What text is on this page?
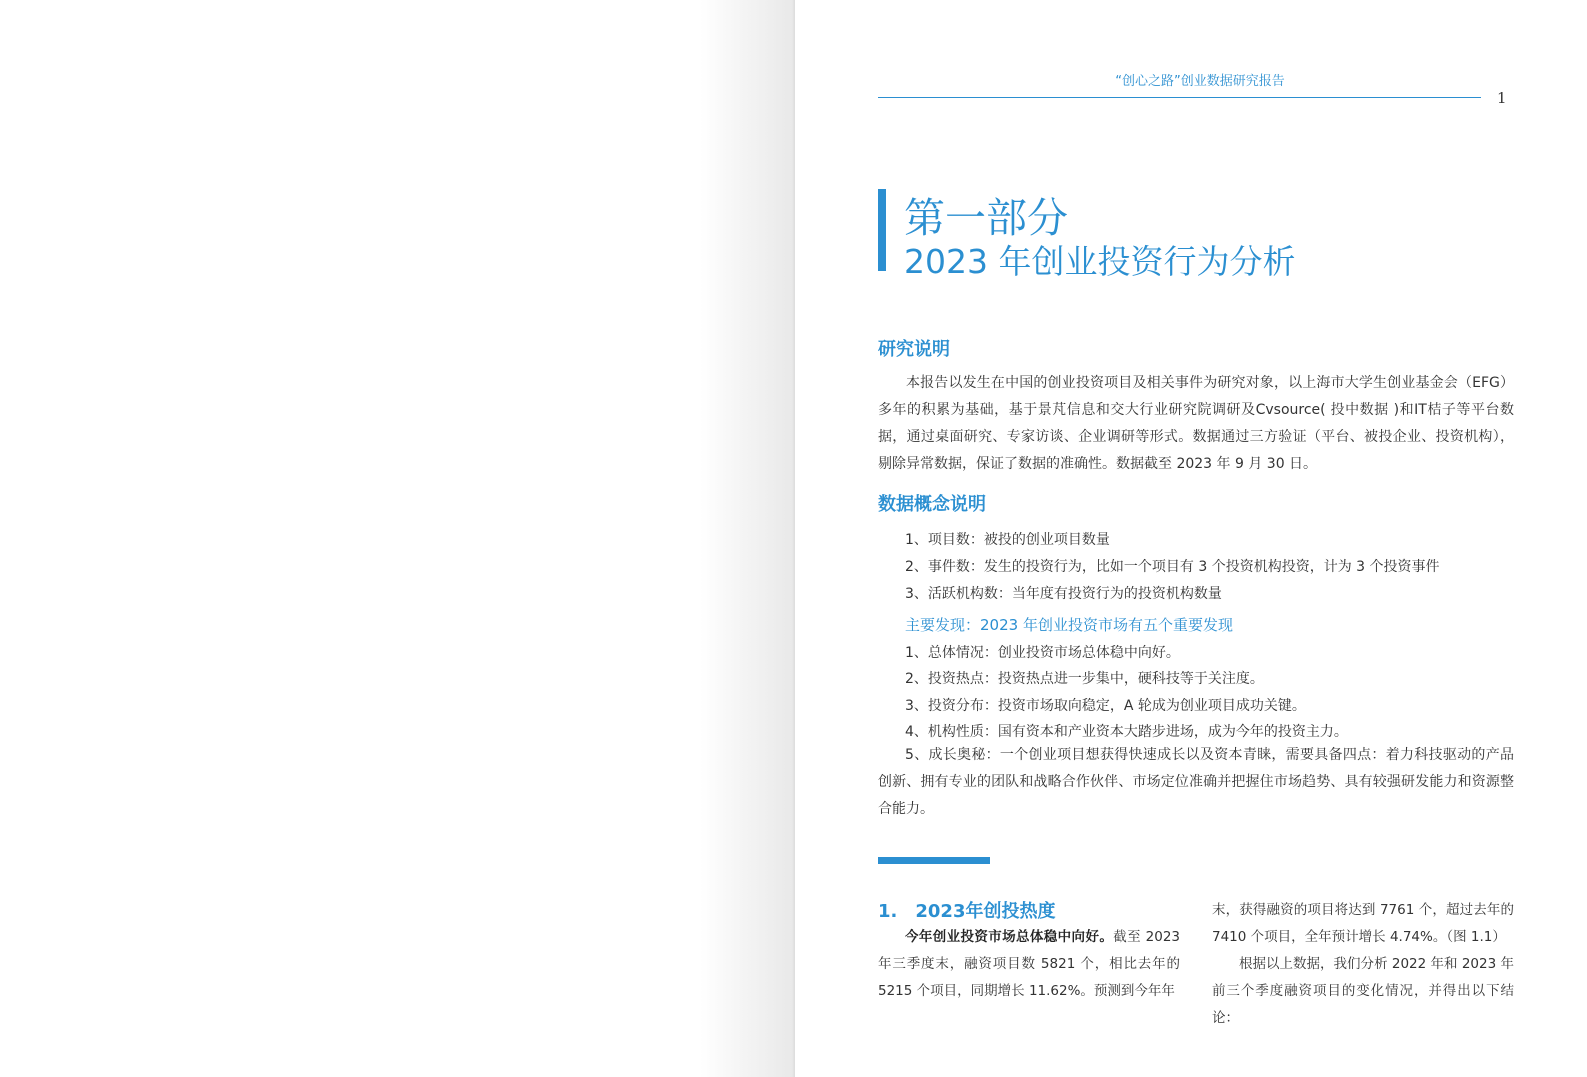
“创心之路”创业数据研究报告
1
第一部分
2023 年创业投资行为分析
研究说明
本报告以发生在中国的创业投资项目及相关事件为研究对象，以上海市大学生创业基金会（EFG）多年的积累为基础，基于景芃信息和交大行业研究院调研及Cvsource( 投中数据 )和IT桔子等平台数据，通过桌面研究、专家访谈、企业调研等形式。数据通过三方验证（平台、被投企业、投资机构），剔除异常数据，保证了数据的准确性。数据截至 2023 年 9 月 30 日。
数据概念说明
1、项目数：被投的创业项目数量
2、事件数：发生的投资行为，比如一个项目有 3 个投资机构投资，计为 3 个投资事件
3、活跃机构数：当年度有投资行为的投资机构数量
主要发现：2023 年创业投资市场有五个重要发现
1、总体情况：创业投资市场总体稳中向好。
2、投资热点：投资热点进一步集中，硬科技等于关注度。
3、投资分布：投资市场取向稳定，A 轮成为创业项目成功关键。
4、机构性质：国有资本和产业资本大踏步进场，成为今年的投资主力。
5、成长奥秘：一个创业项目想获得快速成长以及资本青睐，需要具备四点：着力科技驱动的产品创新、拥有专业的团队和战略合作伙伴、市场定位准确并把握住市场趋势、具有较强研发能力和资源整合能力。
1. 2023年创投热度
今年创业投资市场总体稳中向好。截至 2023 年三季度末，融资项目数 5821 个，相比去年的 5215 个项目，同期增长 11.62%。预测到今年年
末，获得融资的项目将达到 7761 个，超过去年的 7410 个项目，全年预计增长 4.74%。（图 1.1）
根据以上数据，我们分析 2022 年和 2023 年前三个季度融资项目的变化情况，并得出以下结论：
